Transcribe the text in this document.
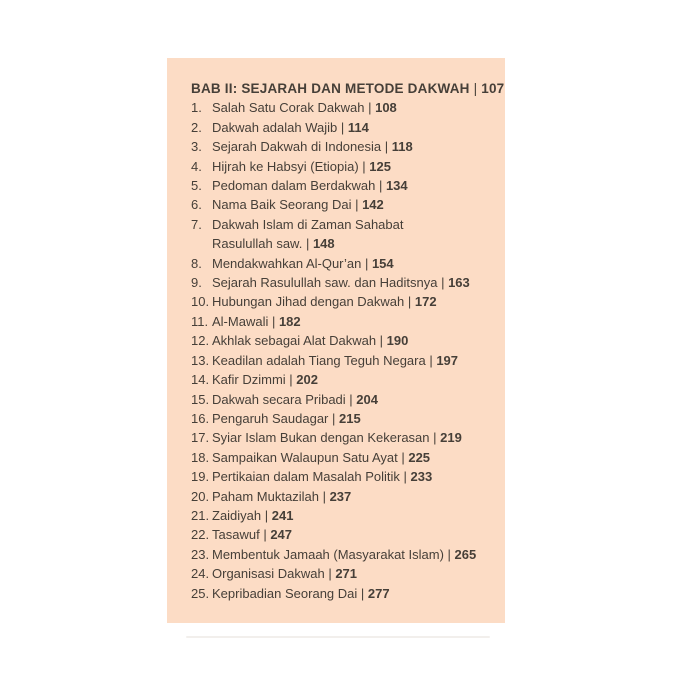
BAB II: SEJARAH DAN METODE DAKWAH | 107
1. Salah Satu Corak Dakwah | 108
2. Dakwah adalah Wajib | 114
3. Sejarah Dakwah di Indonesia | 118
4. Hijrah ke Habsyi (Etiopia) | 125
5. Pedoman dalam Berdakwah | 134
6. Nama Baik Seorang Dai | 142
7. Dakwah Islam di Zaman Sahabat
Rasulullah saw. | 148
8. Mendakwahkan Al-Qur’an | 154
9. Sejarah Rasulullah saw. dan Haditsnya | 163
10. Hubungan Jihad dengan Dakwah | 172
11. Al-Mawali | 182
12. Akhlak sebagai Alat Dakwah | 190
13. Keadilan adalah Tiang Teguh Negara | 197
14. Kafir Dzimmi | 202
15. Dakwah secara Pribadi | 204
16. Pengaruh Saudagar | 215
17. Syiar Islam Bukan dengan Kekerasan | 219
18. Sampaikan Walaupun Satu Ayat | 225
19. Pertikaian dalam Masalah Politik | 233
20. Paham Muktazilah | 237
21. Zaidiyah | 241
22. Tasawuf | 247
23. Membentuk Jamaah (Masyarakat Islam) | 265
24. Organisasi Dakwah | 271
25. Kepribadian Seorang Dai | 277
